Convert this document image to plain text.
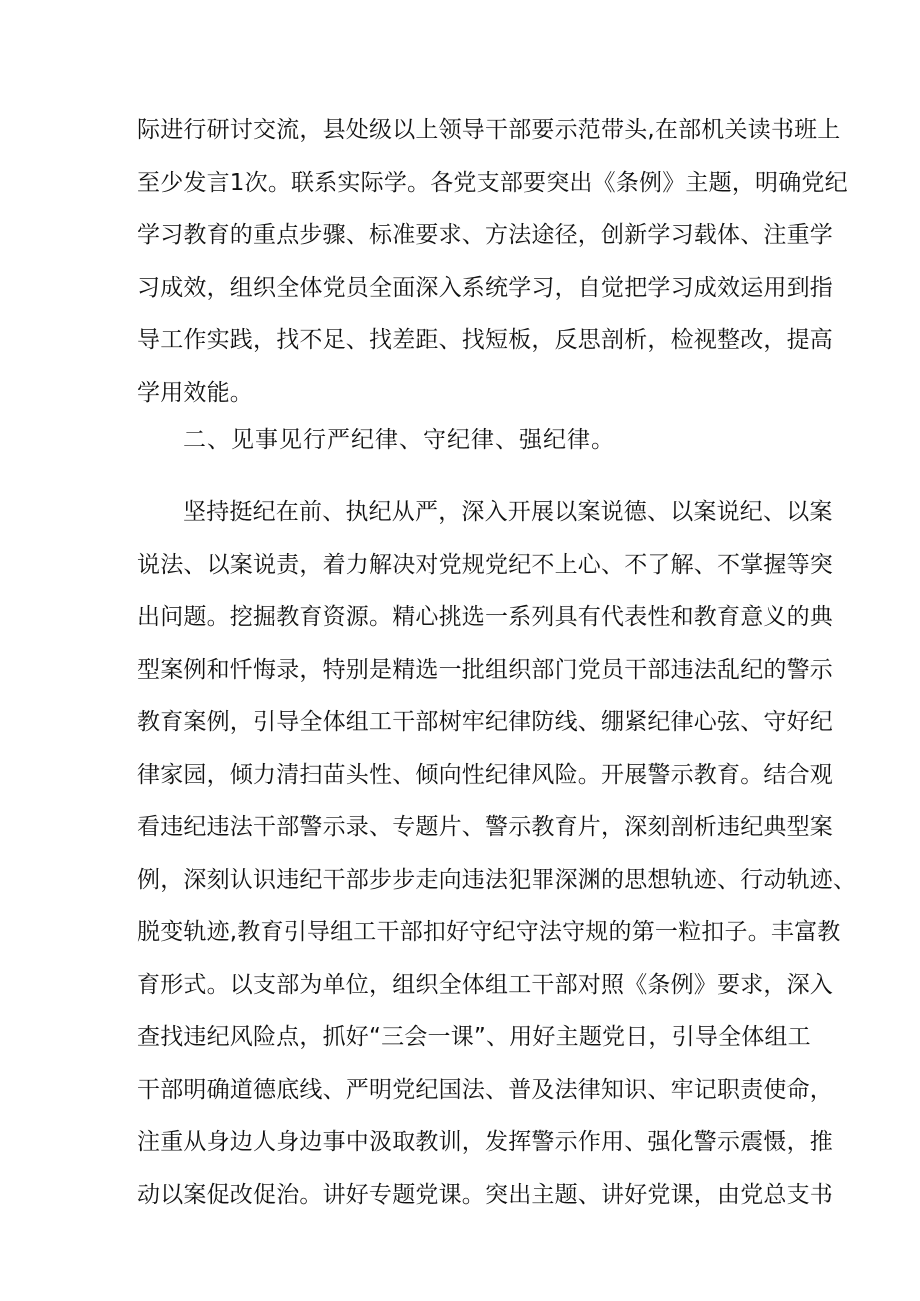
际进行研讨交流，县处级以上领导干部要示范带头,在部机关读书班上
至少发言1次。联系实际学。各党支部要突出《条例》主题，明确党纪
学习教育的重点步骤、标准要求、方法途径，创新学习载体、注重学
习成效，组织全体党员全面深入系统学习，自觉把学习成效运用到指
导工作实践，找不足、找差距、找短板，反思剖析，检视整改，提高
学用效能。
二、见事见行严纪律、守纪律、强纪律。
坚持挺纪在前、执纪从严，深入开展以案说德、以案说纪、以案
说法、以案说责，着力解决对党规党纪不上心、不了解、不掌握等突
出问题。挖掘教育资源。精心挑选一系列具有代表性和教育意义的典
型案例和忏悔录，特别是精选一批组织部门党员干部违法乱纪的警示
教育案例，引导全体组工干部树牢纪律防线、绷紧纪律心弦、守好纪
律家园，倾力清扫苗头性、倾向性纪律风险。开展警示教育。结合观
看违纪违法干部警示录、专题片、警示教育片，深刻剖析违纪典型案
例，深刻认识违纪干部步步走向违法犯罪深渊的思想轨迹、行动轨迹、
脱变轨迹,教育引导组工干部扣好守纪守法守规的第一粒扣子。丰富教
育形式。以支部为单位，组织全体组工干部对照《条例》要求，深入
查找违纪风险点，抓好“三会一课”、用好主题党日，引导全体组工
干部明确道德底线、严明党纪国法、普及法律知识、牢记职责使命，
注重从身边人身边事中汲取教训，发挥警示作用、强化警示震慑，推
动以案促改促治。讲好专题党课。突出主题、讲好党课，由党总支书
